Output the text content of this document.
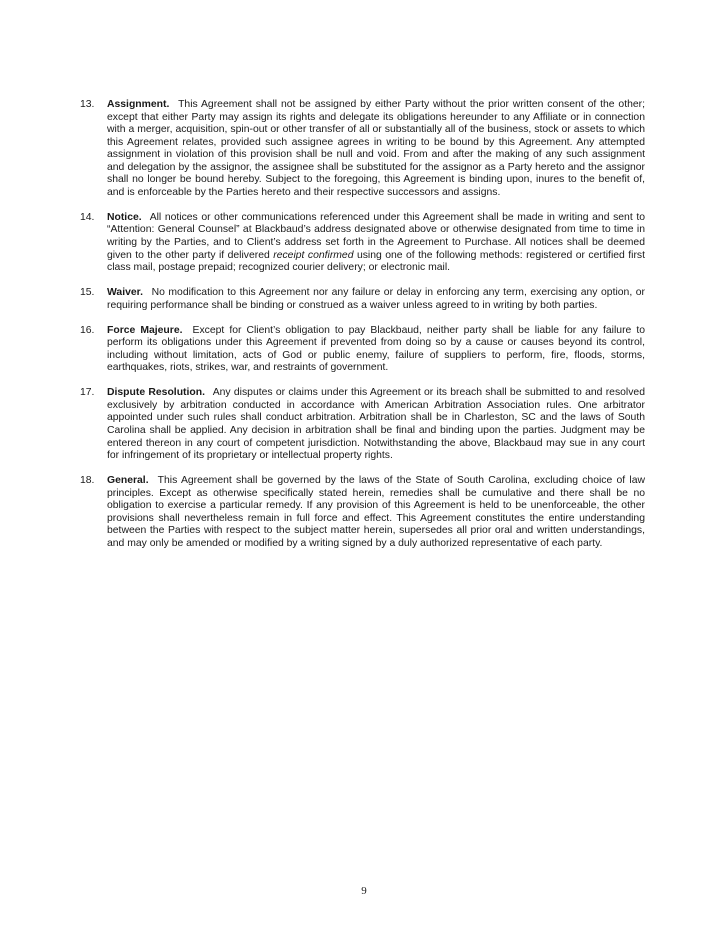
13.	Assignment. This Agreement shall not be assigned by either Party without the prior written consent of the other; except that either Party may assign its rights and delegate its obligations hereunder to any Affiliate or in connection with a merger, acquisition, spin-out or other transfer of all or substantially all of the business, stock or assets to which this Agreement relates, provided such assignee agrees in writing to be bound by this Agreement. Any attempted assignment in violation of this provision shall be null and void. From and after the making of any such assignment and delegation by the assignor, the assignee shall be substituted for the assignor as a Party hereto and the assignor shall no longer be bound hereby. Subject to the foregoing, this Agreement is binding upon, inures to the benefit of, and is enforceable by the Parties hereto and their respective successors and assigns.
14.	Notice. All notices or other communications referenced under this Agreement shall be made in writing and sent to “Attention: General Counsel” at Blackbaud’s address designated above or otherwise designated from time to time in writing by the Parties, and to Client’s address set forth in the Agreement to Purchase. All notices shall be deemed given to the other party if delivered receipt confirmed using one of the following methods: registered or certified first class mail, postage prepaid; recognized courier delivery; or electronic mail.
15.	Waiver. No modification to this Agreement nor any failure or delay in enforcing any term, exercising any option, or requiring performance shall be binding or construed as a waiver unless agreed to in writing by both parties.
16.	Force Majeure. Except for Client’s obligation to pay Blackbaud, neither party shall be liable for any failure to perform its obligations under this Agreement if prevented from doing so by a cause or causes beyond its control, including without limitation, acts of God or public enemy, failure of suppliers to perform, fire, floods, storms, earthquakes, riots, strikes, war, and restraints of government.
17.	Dispute Resolution. Any disputes or claims under this Agreement or its breach shall be submitted to and resolved exclusively by arbitration conducted in accordance with American Arbitration Association rules. One arbitrator appointed under such rules shall conduct arbitration. Arbitration shall be in Charleston, SC and the laws of South Carolina shall be applied. Any decision in arbitration shall be final and binding upon the parties. Judgment may be entered thereon in any court of competent jurisdiction. Notwithstanding the above, Blackbaud may sue in any court for infringement of its proprietary or intellectual property rights.
18.	General. This Agreement shall be governed by the laws of the State of South Carolina, excluding choice of law principles. Except as otherwise specifically stated herein, remedies shall be cumulative and there shall be no obligation to exercise a particular remedy. If any provision of this Agreement is held to be unenforceable, the other provisions shall nevertheless remain in full force and effect. This Agreement constitutes the entire understanding between the Parties with respect to the subject matter herein, supersedes all prior oral and written understandings, and may only be amended or modified by a writing signed by a duly authorized representative of each party.
9
